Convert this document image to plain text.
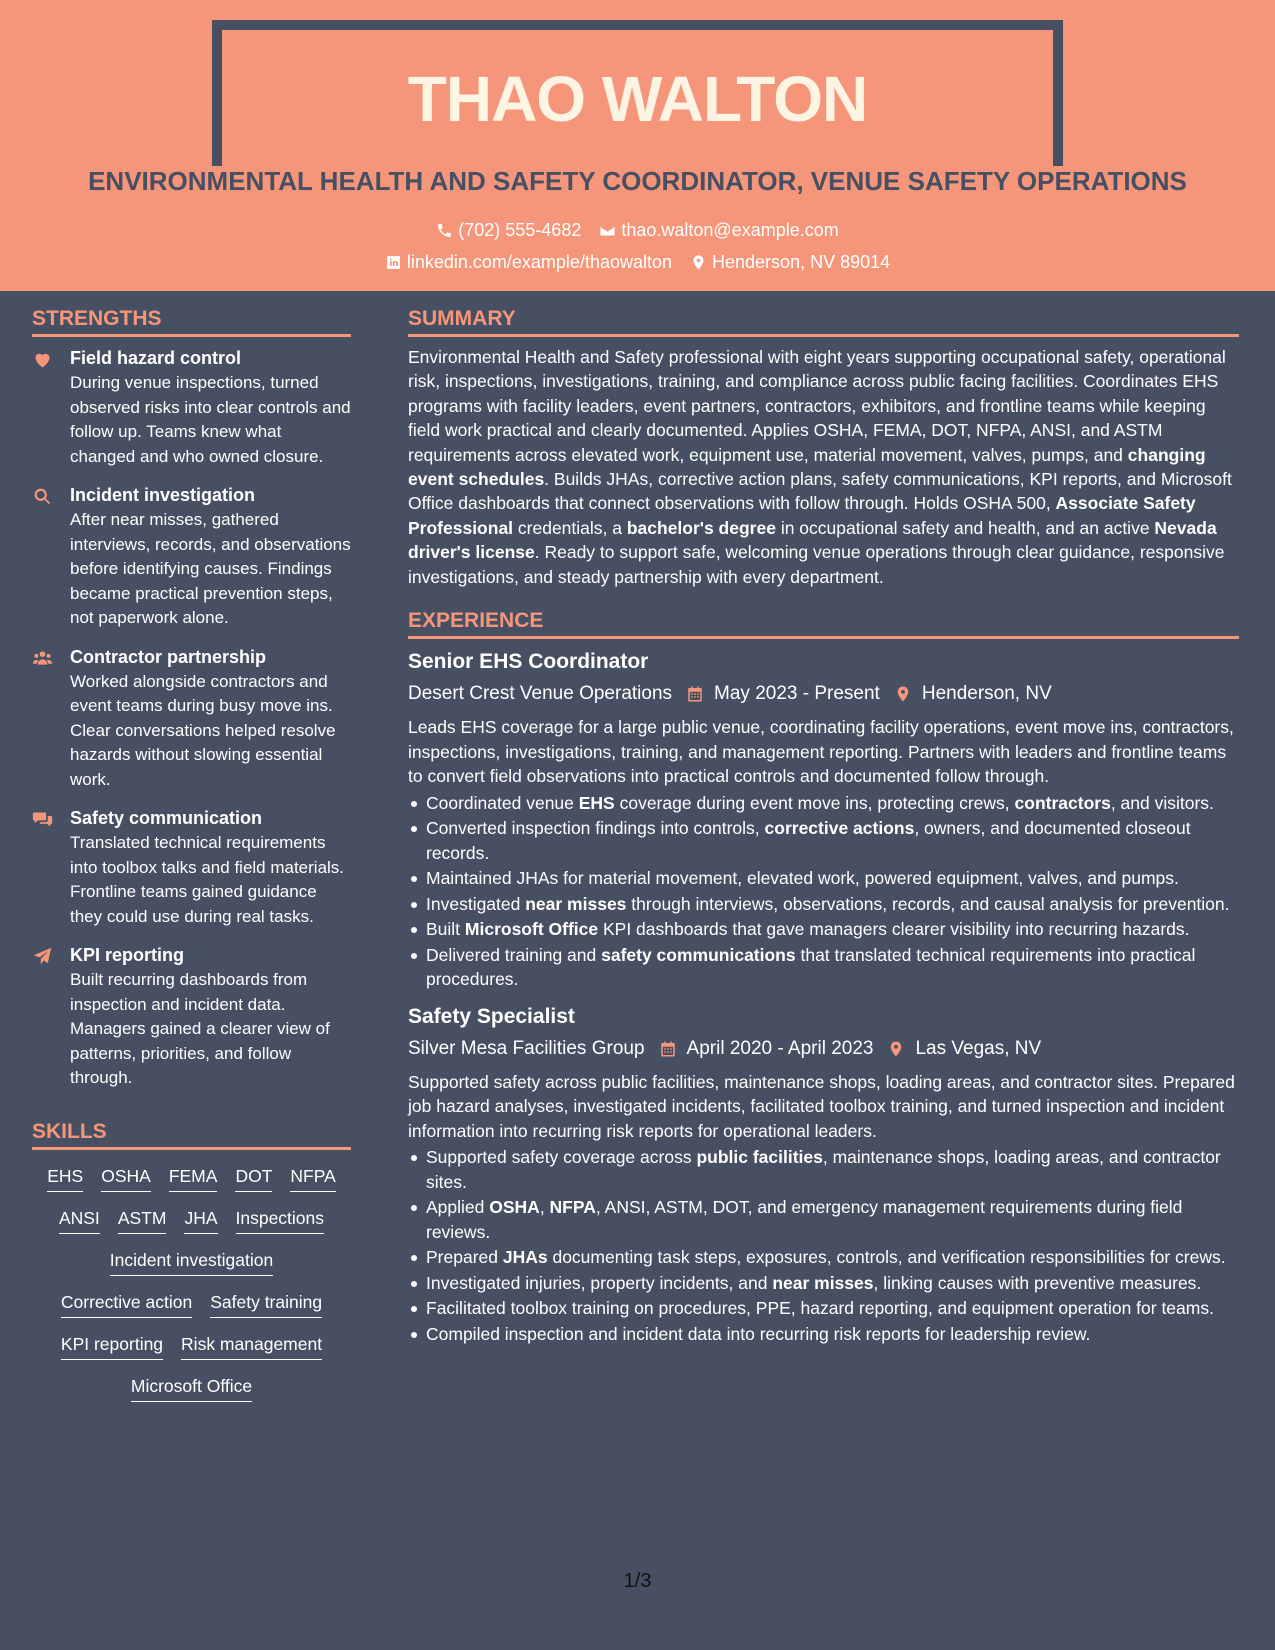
THAO WALTON
ENVIRONMENTAL HEALTH AND SAFETY COORDINATOR, VENUE SAFETY OPERATIONS
(702) 555-4682 thao.walton@example.com
linkedin.com/example/thaowalton Henderson, NV 89014
STRENGTHS
Field hazard control
During venue inspections, turned observed risks into clear controls and follow up. Teams knew what changed and who owned closure.
Incident investigation
After near misses, gathered interviews, records, and observations before identifying causes. Findings became practical prevention steps, not paperwork alone.
Contractor partnership
Worked alongside contractors and event teams during busy move ins. Clear conversations helped resolve hazards without slowing essential work.
Safety communication
Translated technical requirements into toolbox talks and field materials. Frontline teams gained guidance they could use during real tasks.
KPI reporting
Built recurring dashboards from inspection and incident data. Managers gained a clearer view of patterns, priorities, and follow through.
SKILLS
EHS OSHA FEMA DOT NFPA
ANSI ASTM JHA Inspections
Incident investigation
Corrective action Safety training
KPI reporting Risk management
Microsoft Office
SUMMARY
Environmental Health and Safety professional with eight years supporting occupational safety, operational risk, inspections, investigations, training, and compliance across public facing facilities. Coordinates EHS programs with facility leaders, event partners, contractors, exhibitors, and frontline teams while keeping field work practical and clearly documented. Applies OSHA, FEMA, DOT, NFPA, ANSI, and ASTM requirements across elevated work, equipment use, material movement, valves, pumps, and changing event schedules. Builds JHAs, corrective action plans, safety communications, KPI reports, and Microsoft Office dashboards that connect observations with follow through. Holds OSHA 500, Associate Safety Professional credentials, a bachelor's degree in occupational safety and health, and an active Nevada driver's license. Ready to support safe, welcoming venue operations through clear guidance, responsive investigations, and steady partnership with every department.
EXPERIENCE
Senior EHS Coordinator
Desert Crest Venue Operations May 2023 - Present Henderson, NV
Leads EHS coverage for a large public venue, coordinating facility operations, event move ins, contractors, inspections, investigations, training, and management reporting. Partners with leaders and frontline teams to convert field observations into practical controls and documented follow through.
Coordinated venue EHS coverage during event move ins, protecting crews, contractors, and visitors.
Converted inspection findings into controls, corrective actions, owners, and documented closeout records.
Maintained JHAs for material movement, elevated work, powered equipment, valves, and pumps.
Investigated near misses through interviews, observations, records, and causal analysis for prevention.
Built Microsoft Office KPI dashboards that gave managers clearer visibility into recurring hazards.
Delivered training and safety communications that translated technical requirements into practical procedures.
Safety Specialist
Silver Mesa Facilities Group April 2020 - April 2023 Las Vegas, NV
Supported safety across public facilities, maintenance shops, loading areas, and contractor sites. Prepared job hazard analyses, investigated incidents, facilitated toolbox training, and turned inspection and incident information into recurring risk reports for operational leaders.
Supported safety coverage across public facilities, maintenance shops, loading areas, and contractor sites.
Applied OSHA, NFPA, ANSI, ASTM, DOT, and emergency management requirements during field reviews.
Prepared JHAs documenting task steps, exposures, controls, and verification responsibilities for crews.
Investigated injuries, property incidents, and near misses, linking causes with preventive measures.
Facilitated toolbox training on procedures, PPE, hazard reporting, and equipment operation for teams.
Compiled inspection and incident data into recurring risk reports for leadership review.
1/3
